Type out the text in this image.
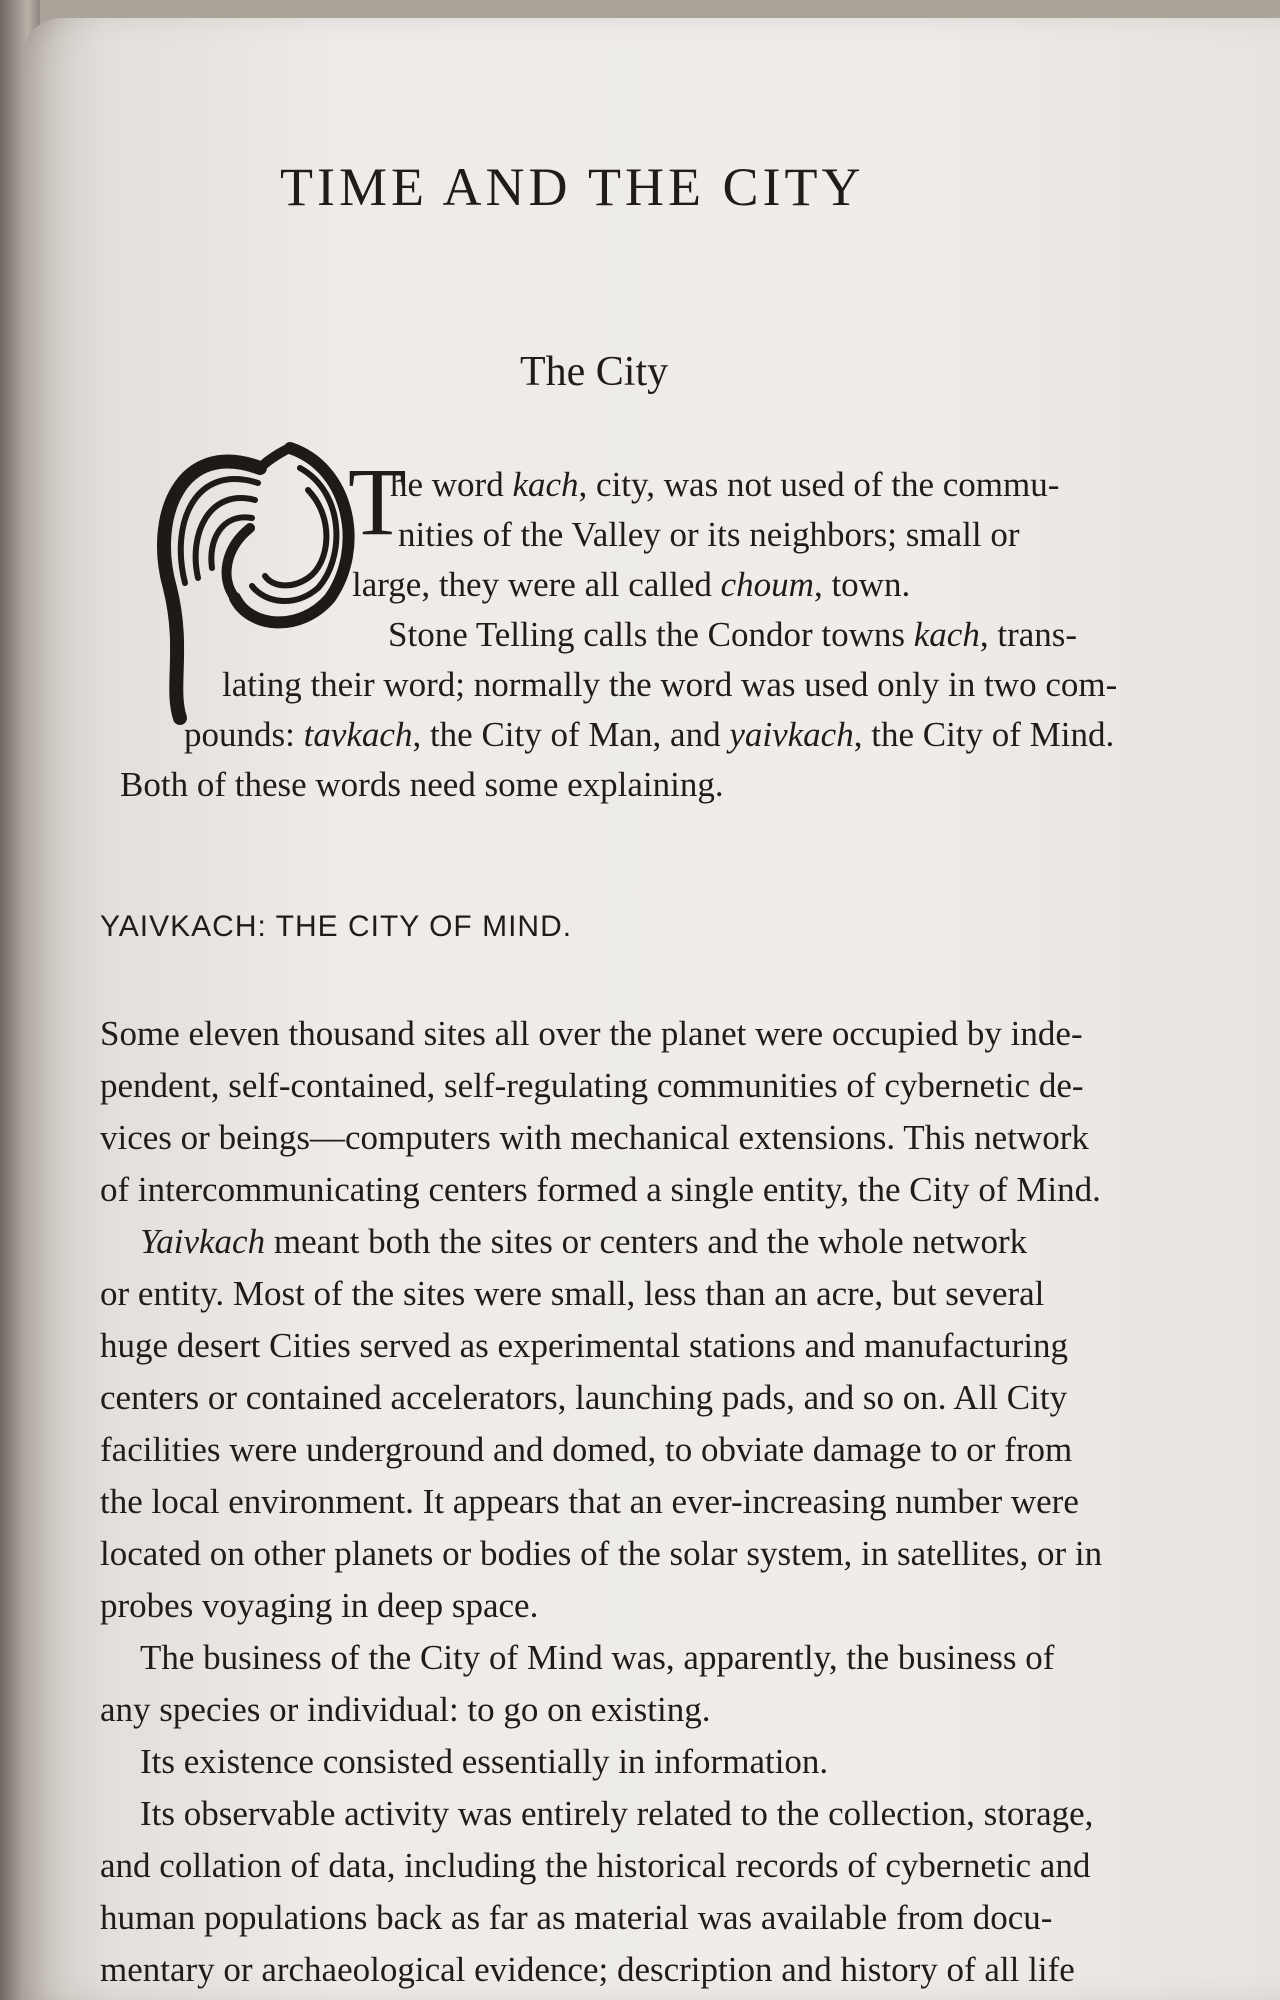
TIME AND THE CITY
The City
T
he word kach, city, was not used of the commu-
nities of the Valley or its neighbors; small or
large, they were all called choum, town.
Stone Telling calls the Condor towns kach, trans-
lating their word; normally the word was used only in two com-
pounds: tavkach, the City of Man, and yaivkach, the City of Mind.
Both of these words need some explaining.
YAIVKACH: THE CITY OF MIND.
Some eleven thousand sites all over the planet were occupied by inde-
pendent, self-contained, self-regulating communities of cybernetic de-
vices or beings—computers with mechanical extensions. This network
of intercommunicating centers formed a single entity, the City of Mind.
Yaivkach meant both the sites or centers and the whole network
or entity. Most of the sites were small, less than an acre, but several
huge desert Cities served as experimental stations and manufacturing
centers or contained accelerators, launching pads, and so on. All City
facilities were underground and domed, to obviate damage to or from
the local environment. It appears that an ever-increasing number were
located on other planets or bodies of the solar system, in satellites, or in
probes voyaging in deep space.
The business of the City of Mind was, apparently, the business of
any species or individual: to go on existing.
Its existence consisted essentially in information.
Its observable activity was entirely related to the collection, storage,
and collation of data, including the historical records of cybernetic and
human populations back as far as material was available from docu-
mentary or archaeological evidence; description and history of all life
